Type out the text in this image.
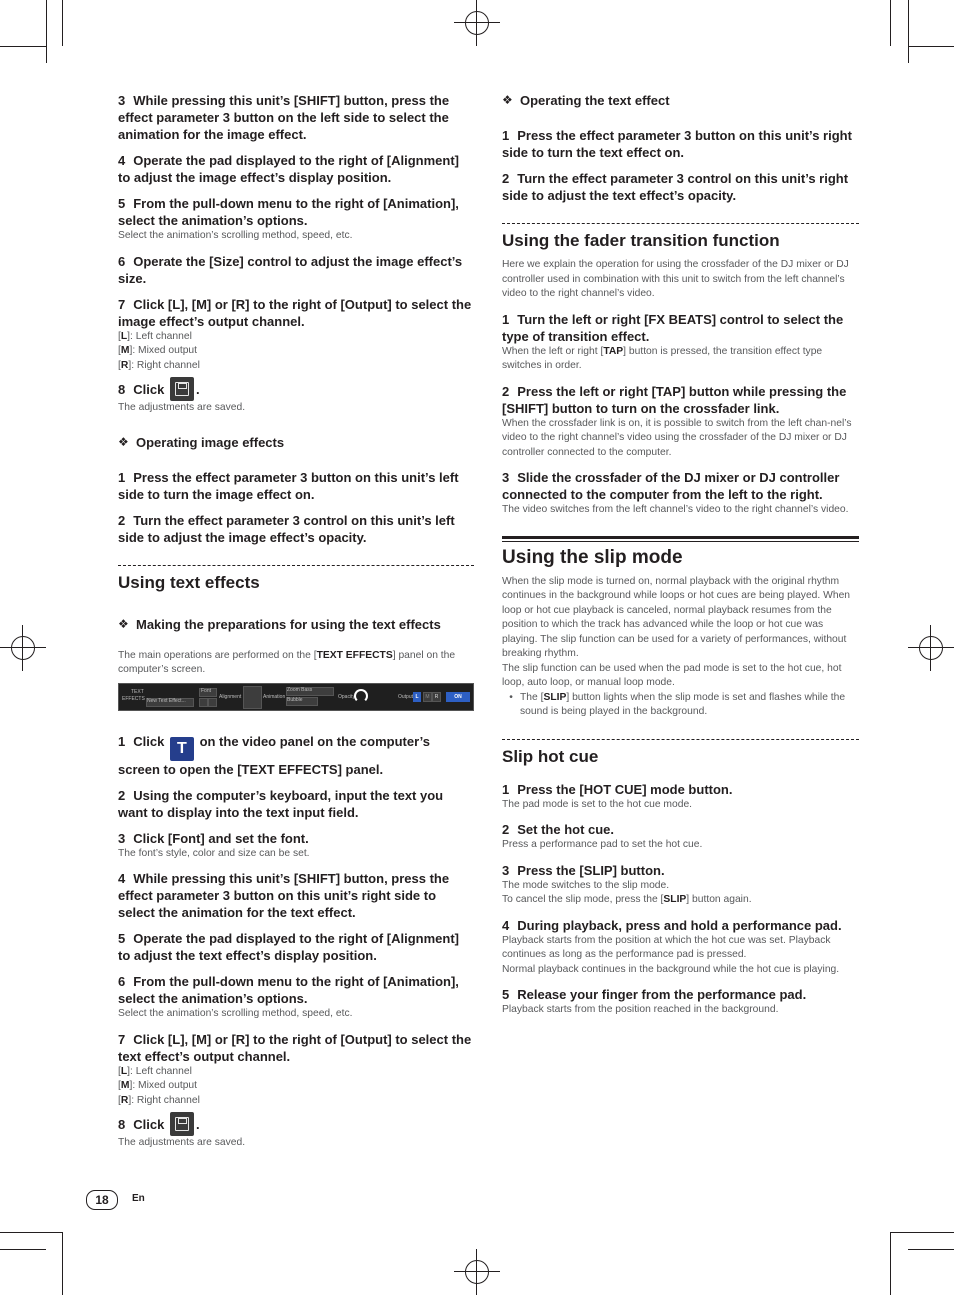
3 While pressing this unit’s [SHIFT] button, press the effect parameter 3 button on the left side to select the animation for the image effect.

4 Operate the pad displayed to the right of [Alignment] to adjust the image effect’s display position.

5 From the pull-down menu to the right of [Animation], select the animation’s options.

Select the animation’s scrolling method, speed, etc.

6 Operate the [Size] control to adjust the image effect’s size.

7 Click [L], [M] or [R] to the right of [Output] to select the image effect’s output channel.

[L]: Left channel

[M]: Mixed output

[R]: Right channel

8 Click .

The adjustments are saved.

❖ Operating image effects

1 Press the effect parameter 3 button on this unit’s left side to turn the image effect on.

2 Turn the effect parameter 3 control on this unit’s left side to adjust the image effect’s opacity.

Using text effects

❖ Making the preparations for using the text effects

The main operations are performed on the [TEXT EFFECTS] panel on the computer’s screen.

TEXT
EFFECTS New Text Effect...
Font
Alignment	Animation
Zoom Bass
Bubble	Opacity	Output L	M	R	ON

1 Click T on the video panel on the computer’s screen to open the [TEXT EFFECTS] panel.

2 Using the computer’s keyboard, input the text you want to display into the text input field.

3 Click [Font] and set the font.

The font’s style, color and size can be set.

4 While pressing this unit’s [SHIFT] button, press the effect parameter 3 button on this unit’s right side to select the animation for the text effect.

5 Operate the pad displayed to the right of [Alignment] to adjust the text effect’s display position.

6 From the pull-down menu to the right of [Animation], select the animation’s options.

Select the animation’s scrolling method, speed, etc.

7 Click [L], [M] or [R] to the right of [Output] to select the text effect’s output channel.

[L]: Left channel

[M]: Mixed output

[R]: Right channel

8 Click .

The adjustments are saved.

❖ Operating the text effect

1 Press the effect parameter 3 button on this unit’s right side to turn the text effect on.

2 Turn the effect parameter 3 control on this unit’s right side to adjust the text effect’s opacity.

Using the fader transition function

Here we explain the operation for using the crossfader of the DJ mixer or DJ controller used in combination with this unit to switch from the left channel’s video to the right channel’s video.

1 Turn the left or right [FX BEATS] control to select the type of transition effect.

When the left or right [TAP] button is pressed, the transition effect type switches in order.

2 Press the left or right [TAP] button while pressing the [SHIFT] button to turn on the crossfader link.

When the crossfader link is on, it is possible to switch from the left chan-nel’s video to the right channel’s video using the crossfader of the DJ mixer or DJ controller connected to the computer.

3 Slide the crossfader of the DJ mixer or DJ controller connected to the computer from the left to the right.

The video switches from the left channel’s video to the right channel’s video.

Using the slip mode

When the slip mode is turned on, normal playback with the original rhythm continues in the background while loops or hot cues are being played. When loop or hot cue playback is canceled, normal playback resumes from the position to which the track has advanced while the loop or hot cue was playing. The slip function can be used for a variety of performances, without breaking rhythm.

The slip function can be used when the pad mode is set to the hot cue, hot loop, auto loop, or manual loop mode.

• The [SLIP] button lights when the slip mode is set and flashes while the sound is being played in the background.

Slip hot cue

1 Press the [HOT CUE] mode button.

The pad mode is set to the hot cue mode.

2 Set the hot cue.

Press a performance pad to set the hot cue.

3 Press the [SLIP] button.

The mode switches to the slip mode.

To cancel the slip mode, press the [SLIP] button again.

4 During playback, press and hold a performance pad.

Playback starts from the position at which the hot cue was set. Playback continues as long as the performance pad is pressed.

Normal playback continues in the background while the hot cue is playing.

5 Release your finger from the performance pad.

Playback starts from the position reached in the background.

18	En
